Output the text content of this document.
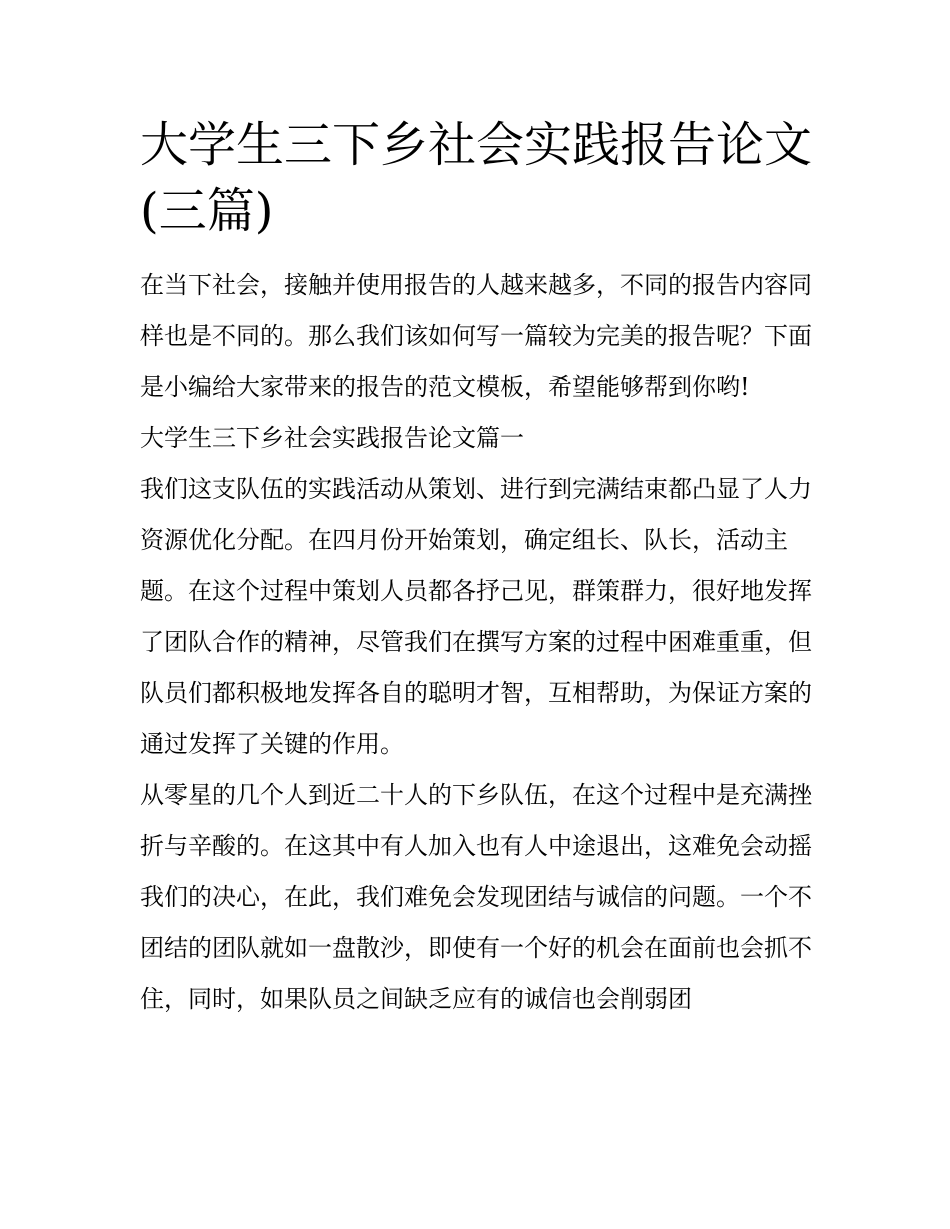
大学生三下乡社会实践报告论文(三篇)

在当下社会，接触并使用报告的人越来越多，不同的报告内容同样也是不同的。那么我们该如何写一篇较为完美的报告呢？下面是小编给大家带来的报告的范文模板，希望能够帮到你哟!

大学生三下乡社会实践报告论文篇一

我们这支队伍的实践活动从策划、进行到完满结束都凸显了人力资源优化分配。在四月份开始策划，确定组长、队长，活动主题。在这个过程中策划人员都各抒己见，群策群力，很好地发挥了团队合作的精神，尽管我们在撰写方案的过程中困难重重，但队员们都积极地发挥各自的聪明才智，互相帮助，为保证方案的通过发挥了关键的作用。

从零星的几个人到近二十人的下乡队伍，在这个过程中是充满挫折与辛酸的。在这其中有人加入也有人中途退出，这难免会动摇我们的决心，在此，我们难免会发现团结与诚信的问题。一个不团结的团队就如一盘散沙，即使有一个好的机会在面前也会抓不住，同时，如果队员之间缺乏应有的诚信也会削弱团
